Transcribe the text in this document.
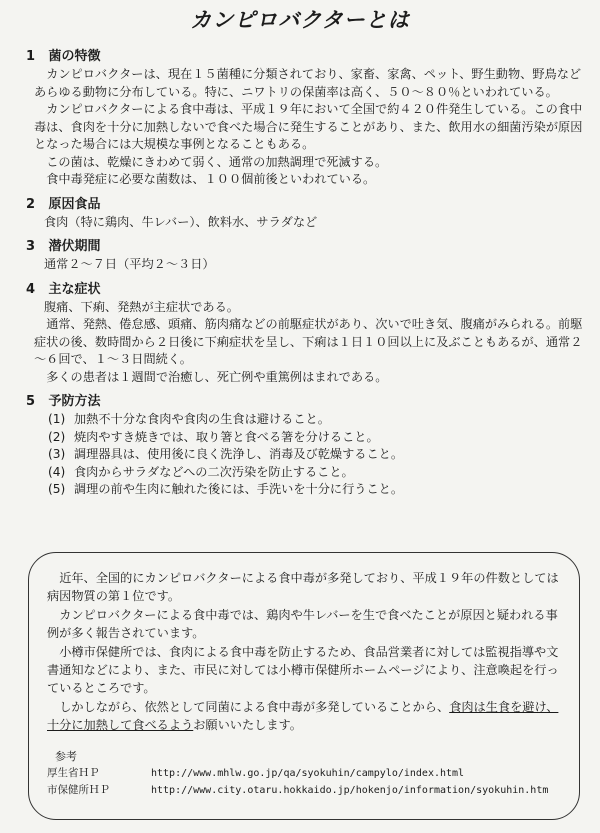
カンピロバクターとは
1 菌の特徴

カンピロバクターは、現在１５菌種に分類されており、家畜、家禽、ペット、野生動物、野鳥などあらゆる動物に分布している。特に、ニワトリの保菌率は高く、５０～８０％といわれている。

カンピロバクターによる食中毒は、平成１９年において全国で約４２０件発生している。この食中毒は、食肉を十分に加熱しないで食べた場合に発生することがあり、また、飲用水の細菌汚染が原因となった場合には大規模な事例となることもある。

この菌は、乾燥にきわめて弱く、通常の加熱調理で死滅する。

食中毒発症に必要な菌数は、１００個前後といわれている。

2 原因食品

食肉（特に鶏肉、牛レバー）、飲料水、サラダなど

3 潜伏期間

通常２～７日（平均２～３日）

4 主な症状

腹痛、下痢、発熱が主症状である。

通常、発熱、倦怠感、頭痛、筋肉痛などの前駆症状があり、次いで吐き気、腹痛がみられる。前駆症状の後、数時間から２日後に下痢症状を呈し、下痢は１日１０回以上に及ぶこともあるが、通常２～６回で、１～３日間続く。

多くの患者は１週間で治癒し、死亡例や重篤例はまれである。

5 予防方法
(1) 加熱不十分な食肉や食肉の生食は避けること。
(2) 焼肉やすき焼きでは、取り箸と食べる箸を分けること。
(3) 調理器具は、使用後に良く洗浄し、消毒及び乾燥すること。
(4) 食肉からサラダなどへの二次汚染を防止すること。
(5) 調理の前や生肉に触れた後には、手洗いを十分に行うこと。

近年、全国的にカンピロバクターによる食中毒が多発しており、平成１９年の件数としては病因物質の第１位です。

カンピロバクターによる食中毒では、鶏肉や牛レバーを生で食べたことが原因と疑われる事例が多く報告されています。

小樽市保健所では、食肉による食中毒を防止するため、食品営業者に対しては監視指導や文書通知などにより、また、市民に対しては小樽市保健所ホームページにより、注意喚起を行っているところです。

しかしながら、依然として同菌による食中毒が多発していることから、食肉は生食を避け、十分に加熱して食べるようお願いいたします。

参考
厚生省ＨＰ	http://www.mhlw.go.jp/qa/syokuhin/campylo/index.html
市保健所ＨＰ	http://www.city.otaru.hokkaido.jp/hokenjo/information/syokuhin.htm
